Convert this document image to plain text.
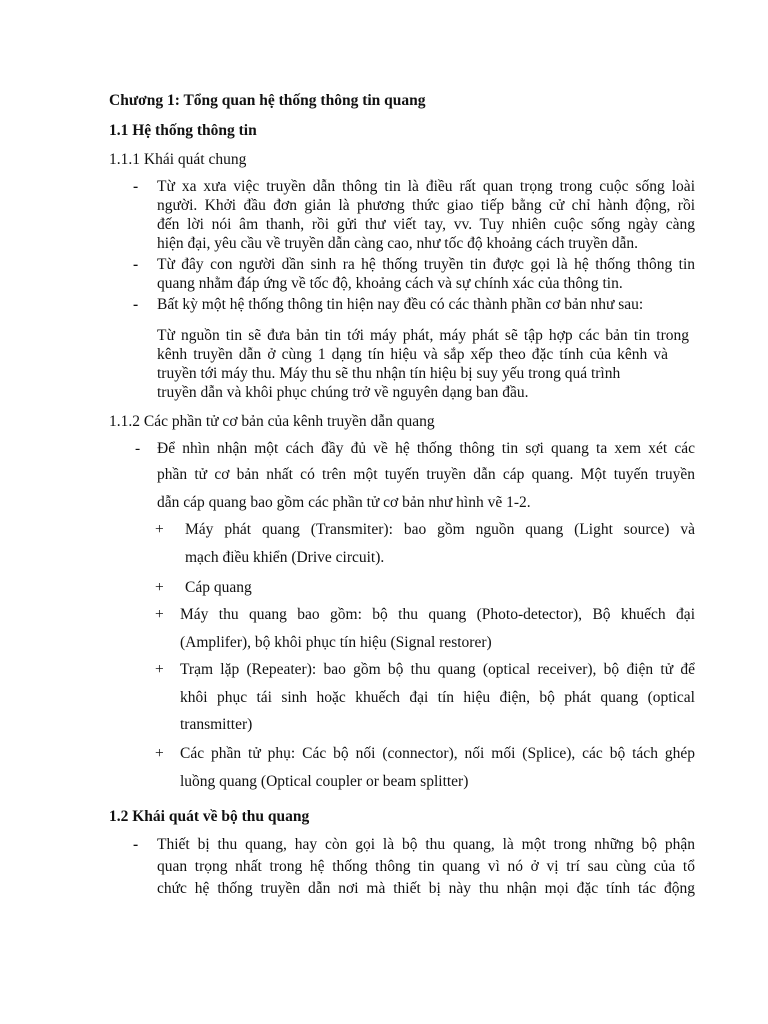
Chương 1: Tổng quan hệ thống thông tin quang
1.1 Hệ thống thông tin
1.1.1 Khái quát chung
- Từ xa xưa việc truyền dẫn thông tin là điều rất quan trọng trong cuộc sống loài
người. Khởi đầu đơn giản là phương thức giao tiếp bằng cử chỉ hành động, rồi
đến lời nói âm thanh, rồi gửi thư viết tay, vv. Tuy nhiên cuộc sống ngày càng
hiện đại, yêu cầu về truyền dẫn càng cao, như tốc độ khoảng cách truyền dẫn.
- Từ đây con người dần sinh ra hệ thống truyền tin được gọi là hệ thống thông tin
quang nhằm đáp ứng về tốc độ, khoảng cách và sự chính xác của thông tin.
- Bất kỳ một hệ thống thông tin hiện nay đều có các thành phần cơ bản như sau:
Từ nguồn tin sẽ đưa bản tin tới máy phát, máy phát sẽ tập hợp các bản tin trong
kênh truyền dẫn ở cùng 1 dạng tín hiệu và sắp xếp theo đặc tính của kênh và
truyền tới máy thu. Máy thu sẽ thu nhận tín hiệu bị suy yếu trong quá trình
truyền dẫn và khôi phục chúng trở về nguyên dạng ban đầu.
1.1.2 Các phần tử cơ bản của kênh truyền dẫn quang
- Để nhìn nhận một cách đầy đủ về hệ thống thông tin sợi quang ta xem xét các
phần tử cơ bản nhất có trên một tuyến truyền dẫn cáp quang. Một tuyến truyền
dẫn cáp quang bao gồm các phần tử cơ bản như hình vẽ 1-2.
+ Máy phát quang (Transmiter): bao gồm nguồn quang (Light source) và
mạch điều khiển (Drive circuit).
+ Cáp quang
+ Máy thu quang bao gồm: bộ thu quang (Photo-detector), Bộ khuếch đại
(Amplifer), bộ khôi phục tín hiệu (Signal restorer)
+ Trạm lặp (Repeater): bao gồm bộ thu quang (optical receiver), bộ điện tử để
khôi phục tái sinh hoặc khuếch đại tín hiệu điện, bộ phát quang (optical
transmitter)
+ Các phần tử phụ: Các bộ nối (connector), nối mối (Splice), các bộ tách ghép
luồng quang (Optical coupler or beam splitter)
1.2 Khái quát về bộ thu quang
- Thiết bị thu quang, hay còn gọi là bộ thu quang, là một trong những bộ phận
quan trọng nhất trong hệ thống thông tin quang vì nó ở vị trí sau cùng của tổ
chức hệ thống truyền dẫn nơi mà thiết bị này thu nhận mọi đặc tính tác động
